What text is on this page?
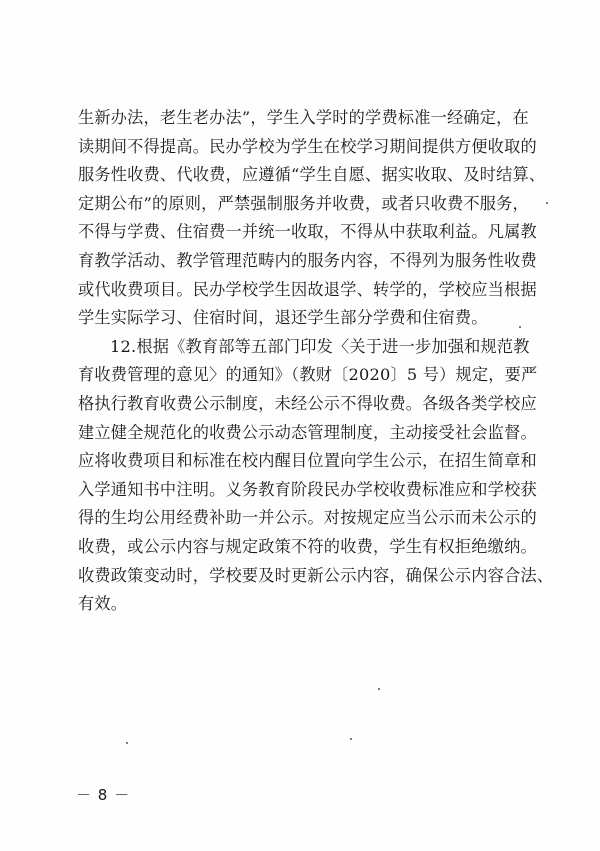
生新办法，老生老办法”，学生入学时的学费标准一经确定，在
读期间不得提高。民办学校为学生在校学习期间提供方便收取的
服务性收费、代收费，应遵循“学生自愿、据实收取、及时结算、
定期公布”的原则，严禁强制服务并收费，或者只收费不服务，
不得与学费、住宿费一并统一收取，不得从中获取利益。凡属教
育教学活动、教学管理范畴内的服务内容，不得列为服务性收费
或代收费项目。民办学校学生因故退学、转学的，学校应当根据
学生实际学习、住宿时间，退还学生部分学费和住宿费。
12.根据《教育部等五部门印发〈关于进一步加强和规范教
育收费管理的意见〉的通知》（教财〔2020〕5 号）规定，要严
格执行教育收费公示制度，未经公示不得收费。各级各类学校应
建立健全规范化的收费公示动态管理制度，主动接受社会监督。
应将收费项目和标准在校内醒目位置向学生公示，在招生简章和
入学通知书中注明。义务教育阶段民办学校收费标准应和学校获
得的生均公用经费补助一并公示。对按规定应当公示而未公示的
收费，或公示内容与规定政策不符的收费，学生有权拒绝缴纳。
收费政策变动时，学校要及时更新公示内容，确保公示内容合法、
有效。
－ 8 －
